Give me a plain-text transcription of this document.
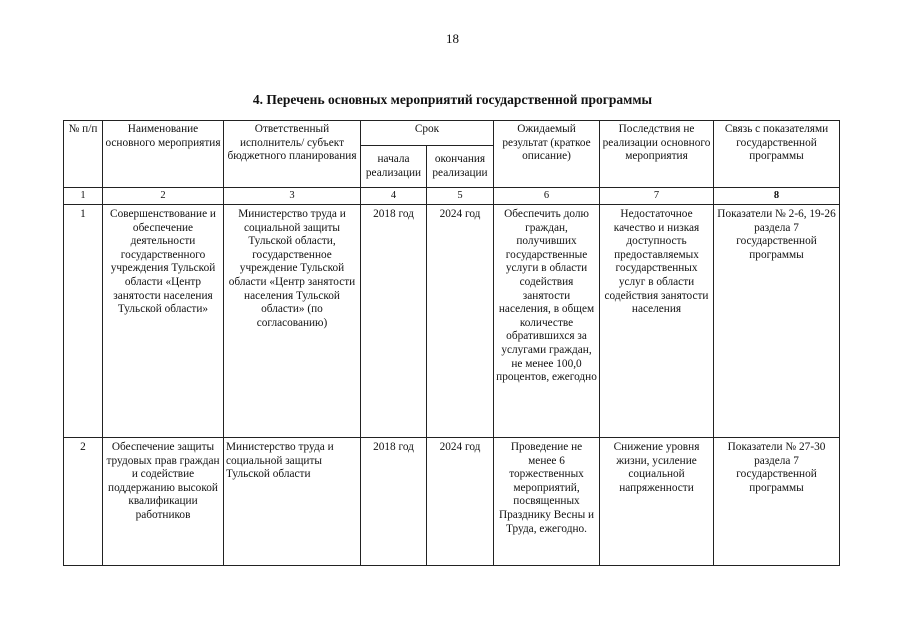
18
4. Перечень основных мероприятий государственной программы
№ п/п	Наименование основного мероприятия	Ответственный исполнитель/ субъект бюджетного планирования	Срок		Ожидаемый результат (краткое описание)	Последствия не реализации основного мероприятия	Связь с показателями государственной программы
			начала реализации	окончания реализации			
1	2	3	4	5	6	7	8
1	Совершенствование и обеспечение деятельности государственного учреждения Тульской области «Центр занятости населения Тульской области»	Министерство труда и социальной защиты Тульской области, государственное учреждение Тульской области «Центр занятости населения Тульской области» (по согласованию)	2018 год	2024 год	Обеспечить долю граждан, получивших государственные услуги в области содействия занятости населения, в общем количестве обратившихся за услугами граждан, не менее 100,0 процентов, ежегодно	Недостаточное качество и низкая доступность предоставляемых государственных услуг в области содействия занятости населения	Показатели № 2-6, 19-26 раздела 7 государственной программы
2	Обеспечение защиты трудовых прав граждан и содействие поддержанию высокой квалификации работников	Министерство труда и социальной защиты Тульской области	2018 год	2024 год	Проведение не менее 6 торжественных мероприятий, посвященных Празднику Весны и Труда, ежегодно.	Снижение уровня жизни, усиление социальной напряженности	Показатели № 27-30 раздела 7 государственной программы
